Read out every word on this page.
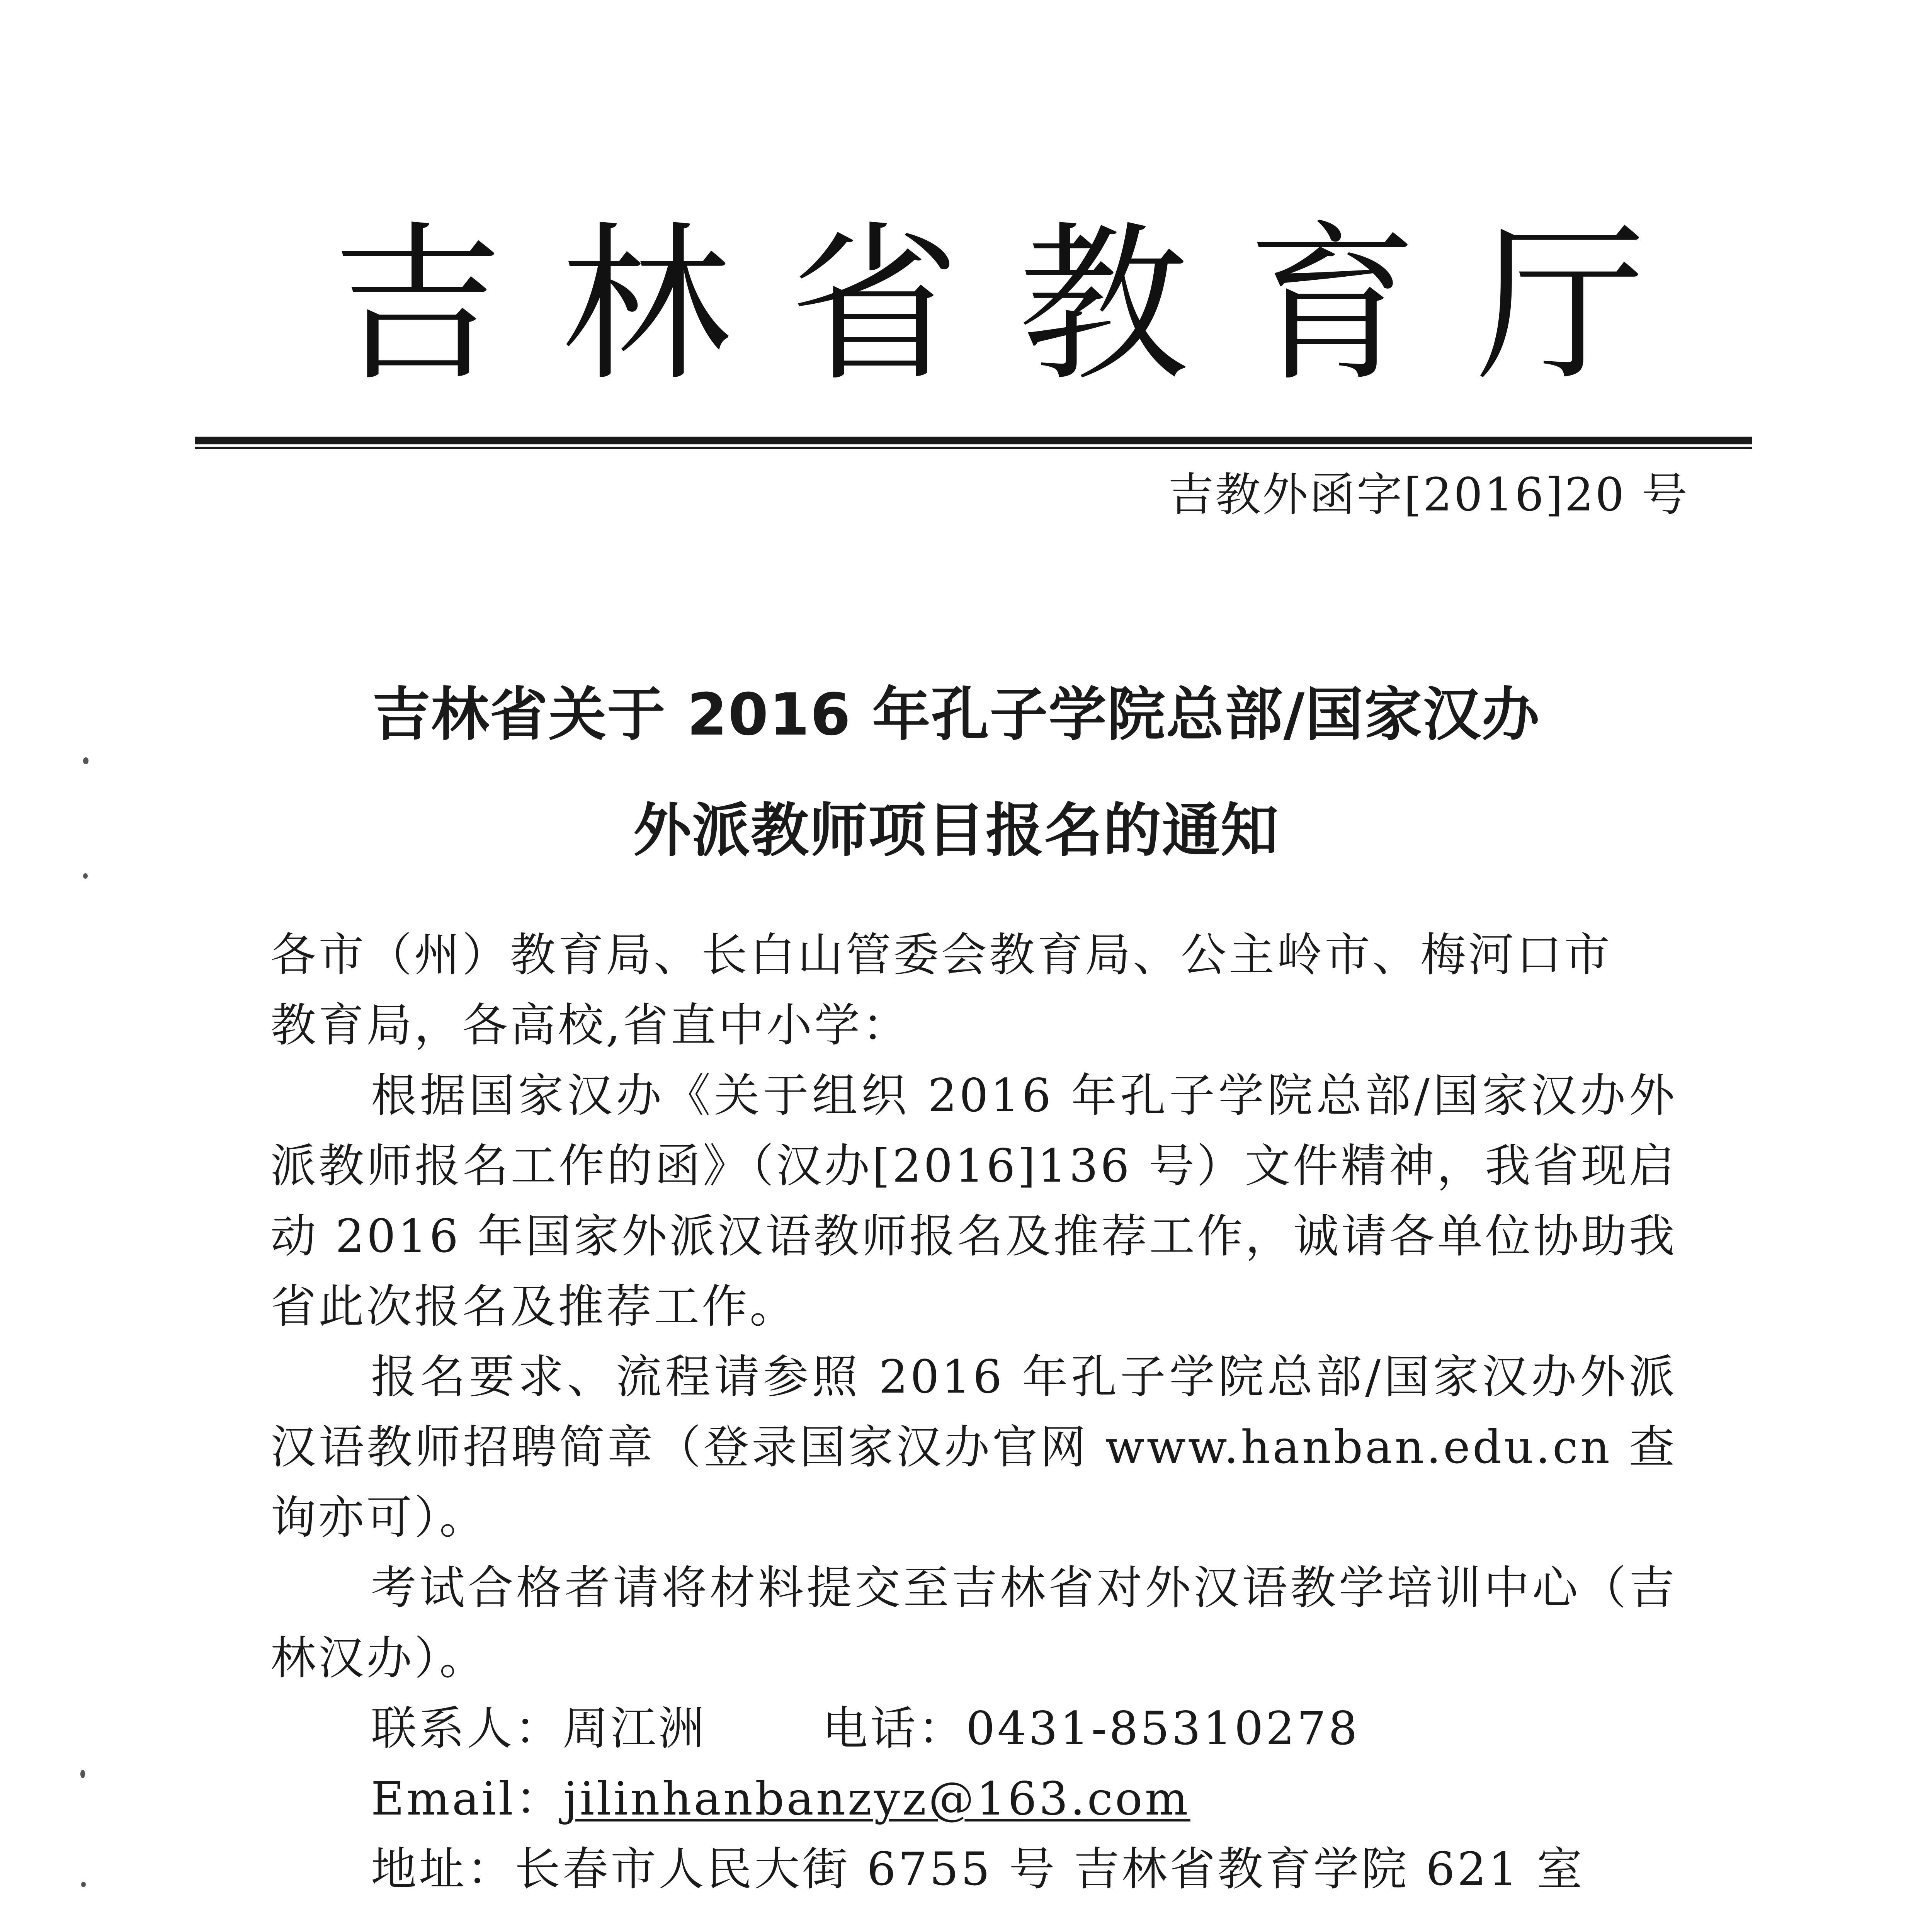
吉 林 省 教 育 厅
吉教外函字[2016]20 号
吉林省关于 2016 年孔子学院总部/国家汉办
外派教师项目报名的通知

各市（州）教育局、长白山管委会教育局、公主岭市、梅河口市

教育局，各高校,省直中小学：

根据国家汉办《关于组织 2016 年孔子学院总部/国家汉办外派教师报名工作的函》（汉办[2016]136 号）文件精神，我省现启动 2016 年国家外派汉语教师报名及推荐工作，诚请各单位协助我省此次报名及推荐工作。

报名要求、流程请参照 2016 年孔子学院总部/国家汉办外派汉语教师招聘简章（登录国家汉办官网 www.hanban.edu.cn 查询亦可）。

考试合格者请将材料提交至吉林省对外汉语教学培训中心（吉林汉办）。

联系人：周江洲	电话：0431-85310278

Email：jilinhanbanzyz@163.com

地址：长春市人民大街 6755 号 吉林省教育学院 621 室
